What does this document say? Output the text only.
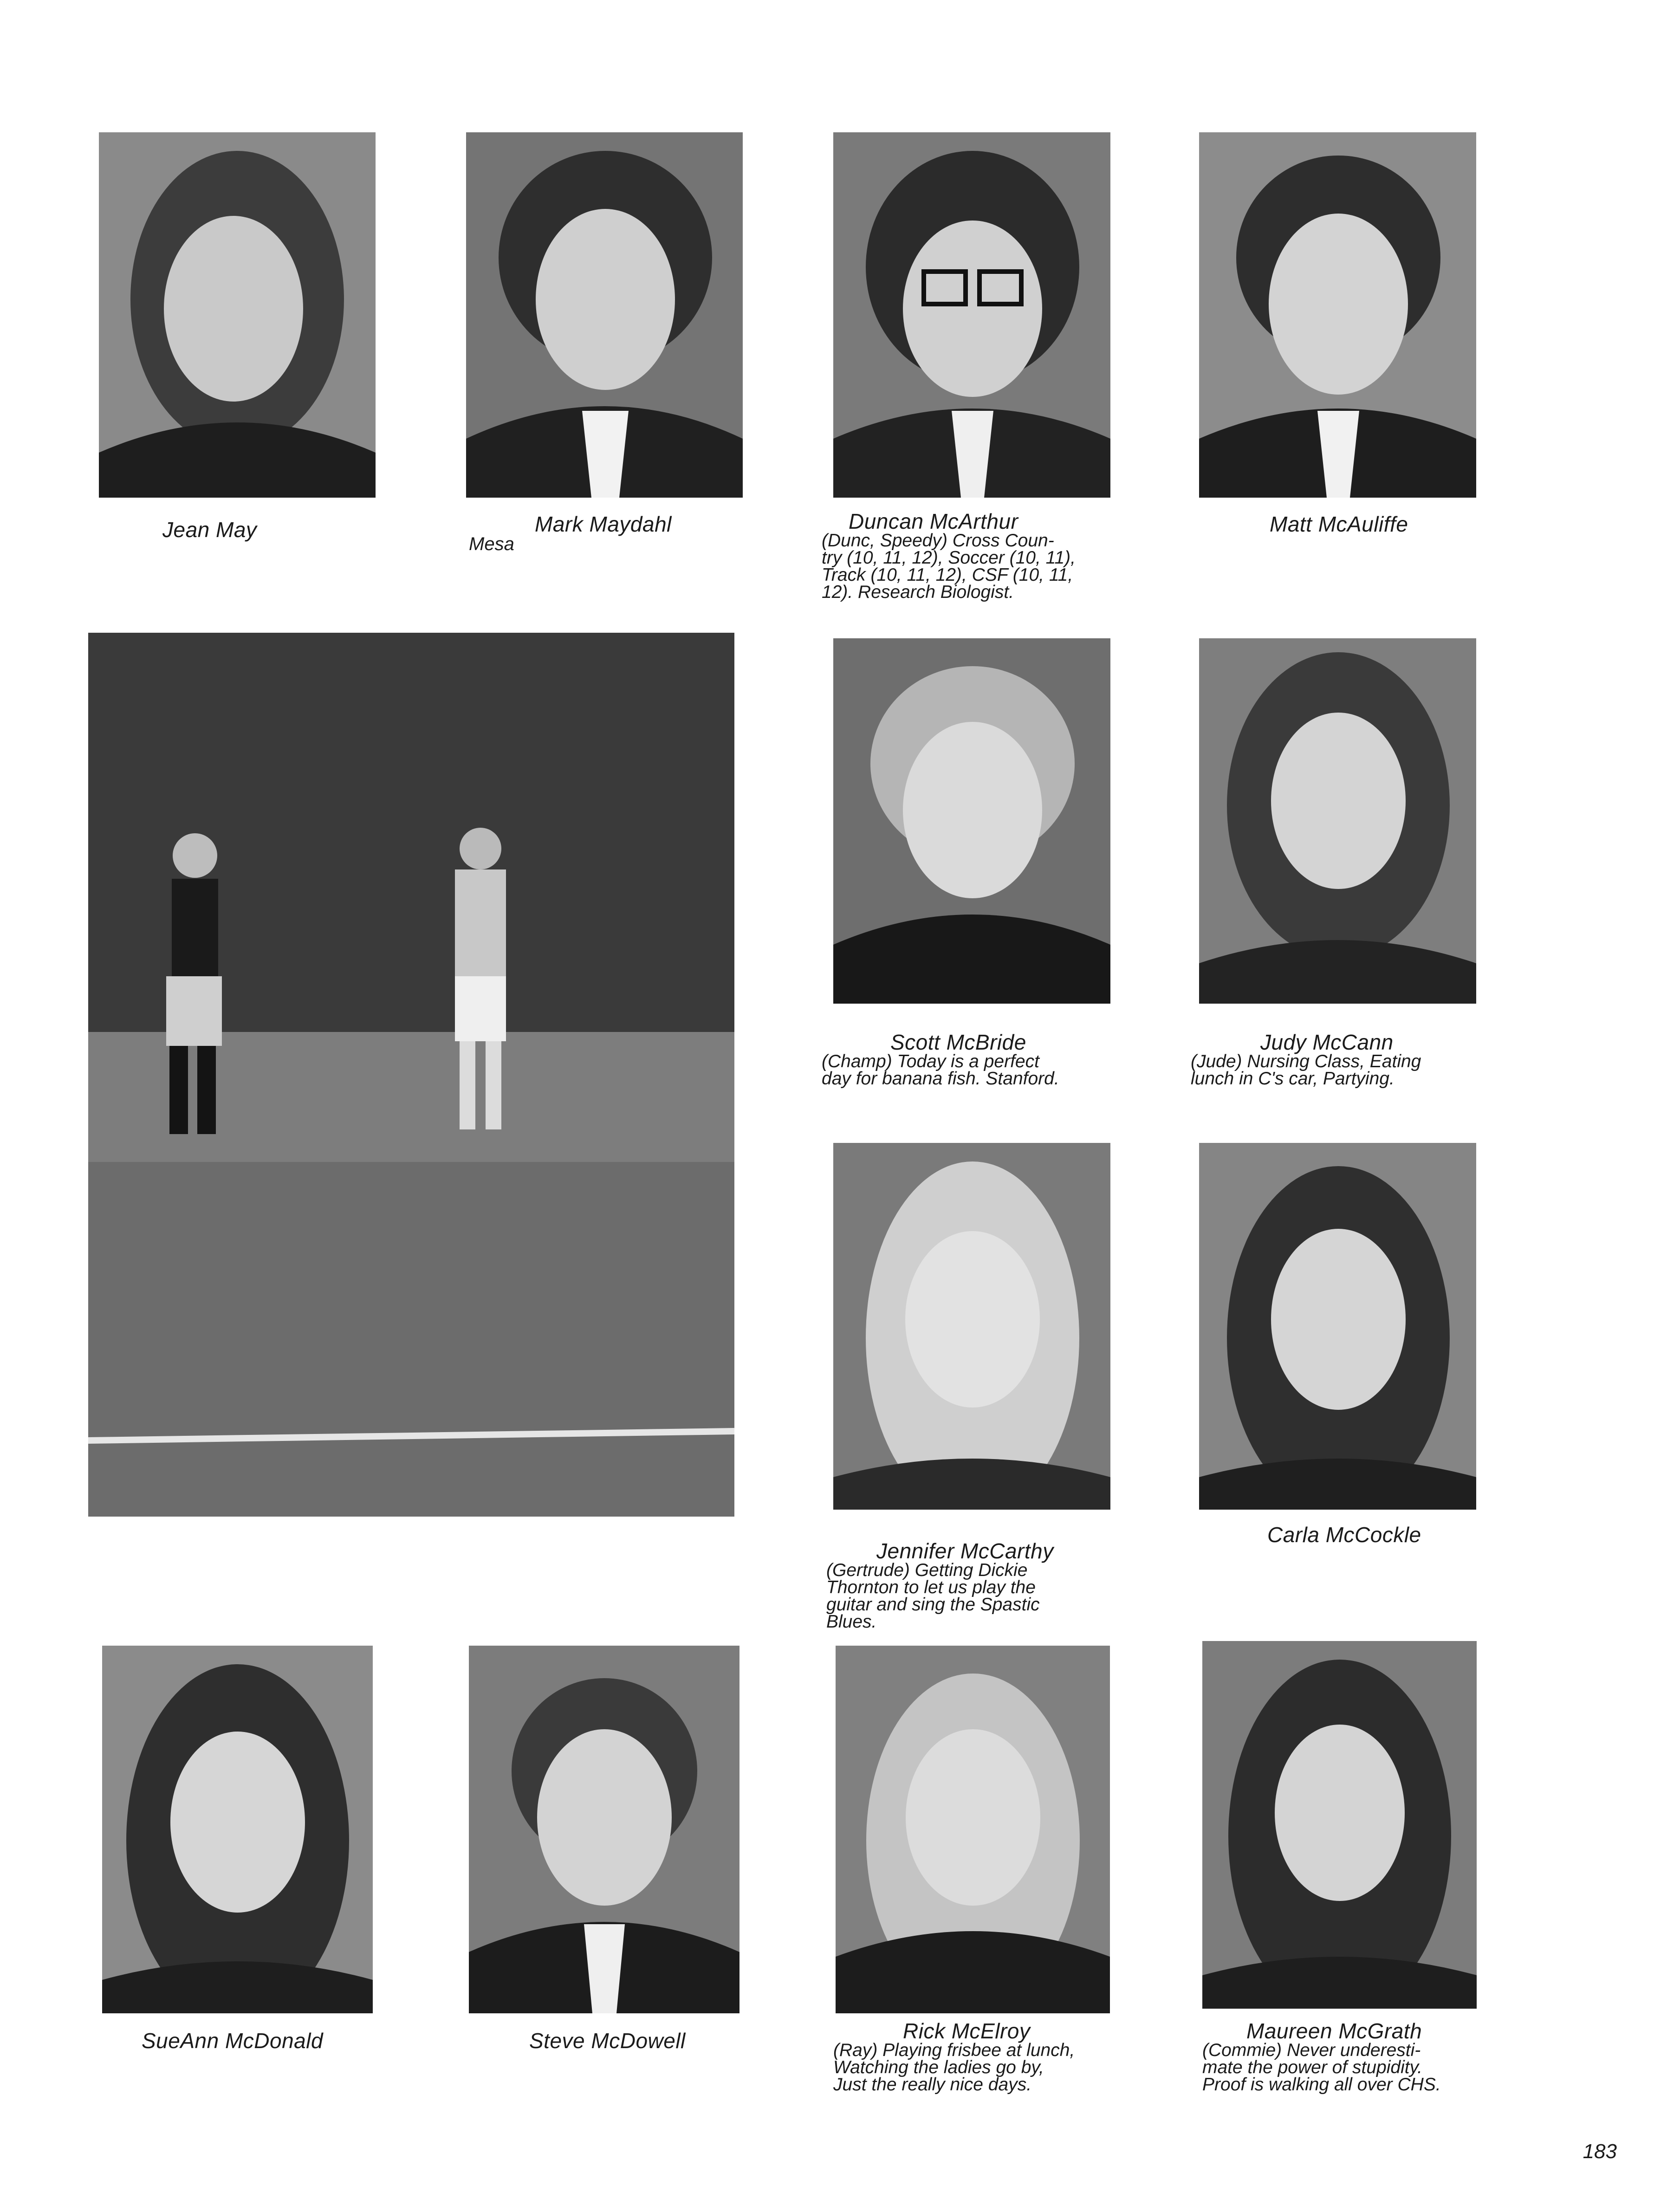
Jean May	Mark Maydahl
Mesa
Duncan McArthur
(Dunc, Speedy) Cross Coun-
try (10, 11, 12), Soccer (10, 11),
Track (10, 11, 12), CSF (10, 11,
12). Research Biologist.
Matt McAuliffe
Scott McBride
(Champ) Today is a perfect
day for banana fish. Stanford.
Judy McCann
(Jude) Nursing Class, Eating
lunch in C's car, Partying.
Jennifer McCarthy
(Gertrude) Getting Dickie
Thornton to let us play the
guitar and sing the Spastic
Blues.
Carla McCockle
SueAnn McDonald	Steve McDowell	Rick McElroy
(Ray) Playing frisbee at lunch,
Watching the ladies go by,
Just the really nice days.
Maureen McGrath
(Commie) Never underesti-
mate the power of stupidity.
Proof is walking all over CHS.
183
